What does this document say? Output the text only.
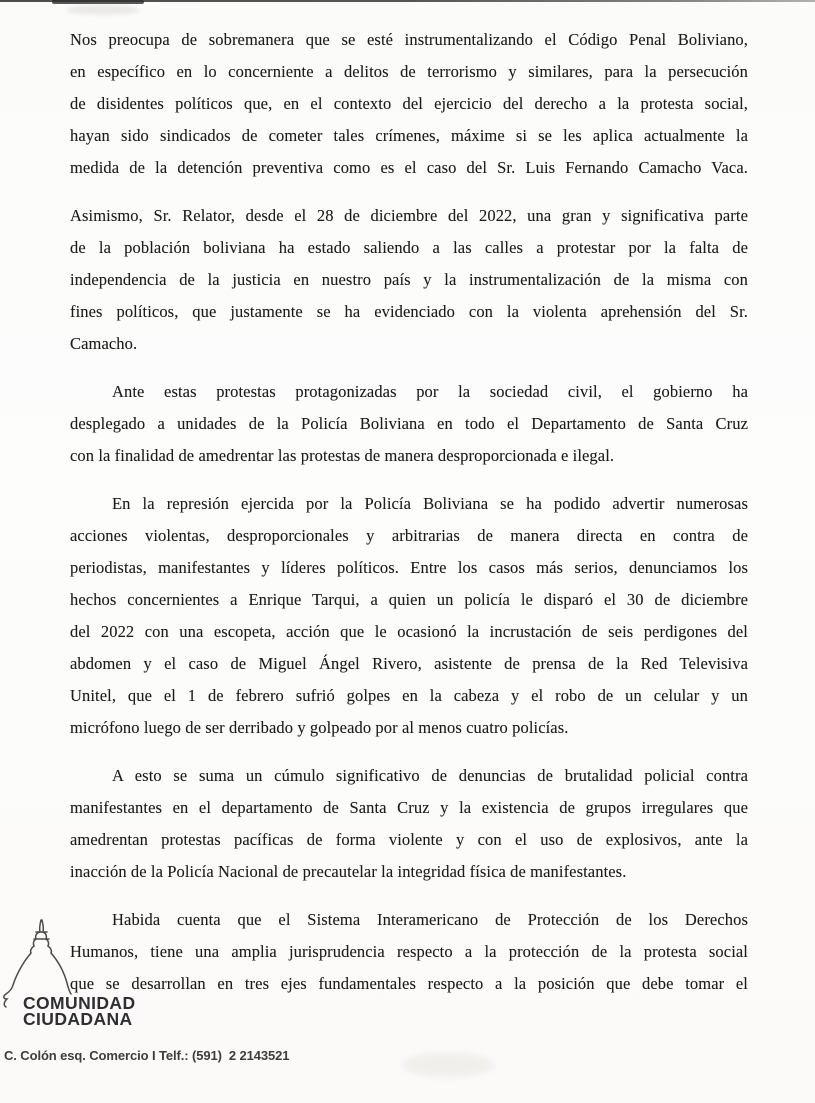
Nos preocupa de sobremanera que se esté instrumentalizando el Código Penal Boliviano,
en específico en lo concerniente a delitos de terrorismo y similares, para la persecución
de disidentes políticos que, en el contexto del ejercicio del derecho a la protesta social,
hayan sido sindicados de cometer tales crímenes, máxime si se les aplica actualmente la
medida de la detención preventiva como es el caso del Sr. Luis Fernando Camacho Vaca.
Asimismo, Sr. Relator, desde el 28 de diciembre del 2022, una gran y significativa parte
de la población boliviana ha estado saliendo a las calles a protestar por la falta de
independencia de la justicia en nuestro país y la instrumentalización de la misma con
fines políticos, que justamente se ha evidenciado con la violenta aprehensión del Sr.
Camacho.
Ante estas protestas protagonizadas por la sociedad civil, el gobierno ha
desplegado a unidades de la Policía Boliviana en todo el Departamento de Santa Cruz
con la finalidad de amedrentar las protestas de manera desproporcionada e ilegal.
En la represión ejercida por la Policía Boliviana se ha podido advertir numerosas
acciones violentas, desproporcionales y arbitrarias de manera directa en contra de
periodistas, manifestantes y líderes políticos. Entre los casos más serios, denunciamos los
hechos concernientes a Enrique Tarqui, a quien un policía le disparó el 30 de diciembre
del 2022 con una escopeta, acción que le ocasionó la incrustación de seis perdigones del
abdomen y el caso de Miguel Ángel Rivero, asistente de prensa de la Red Televisiva
Unitel, que el 1 de febrero sufrió golpes en la cabeza y el robo de un celular y un
micrófono luego de ser derribado y golpeado por al menos cuatro policías.
A esto se suma un cúmulo significativo de denuncias de brutalidad policial contra
manifestantes en el departamento de Santa Cruz y la existencia de grupos irregulares que
amedrentan protestas pacíficas de forma violente y con el uso de explosivos, ante la
inacción de la Policía Nacional de precautelar la integridad física de manifestantes.
Habida cuenta que el Sistema Interamericano de Protección de los Derechos
Humanos, tiene una amplia jurisprudencia respecto a la protección de la protesta social
que se desarrollan en tres ejes fundamentales respecto a la posición que debe tomar el
COMUNIDAD
CIUDADANA
C. Colón esq. Comercio I Telf.: (591)  2 2143521
